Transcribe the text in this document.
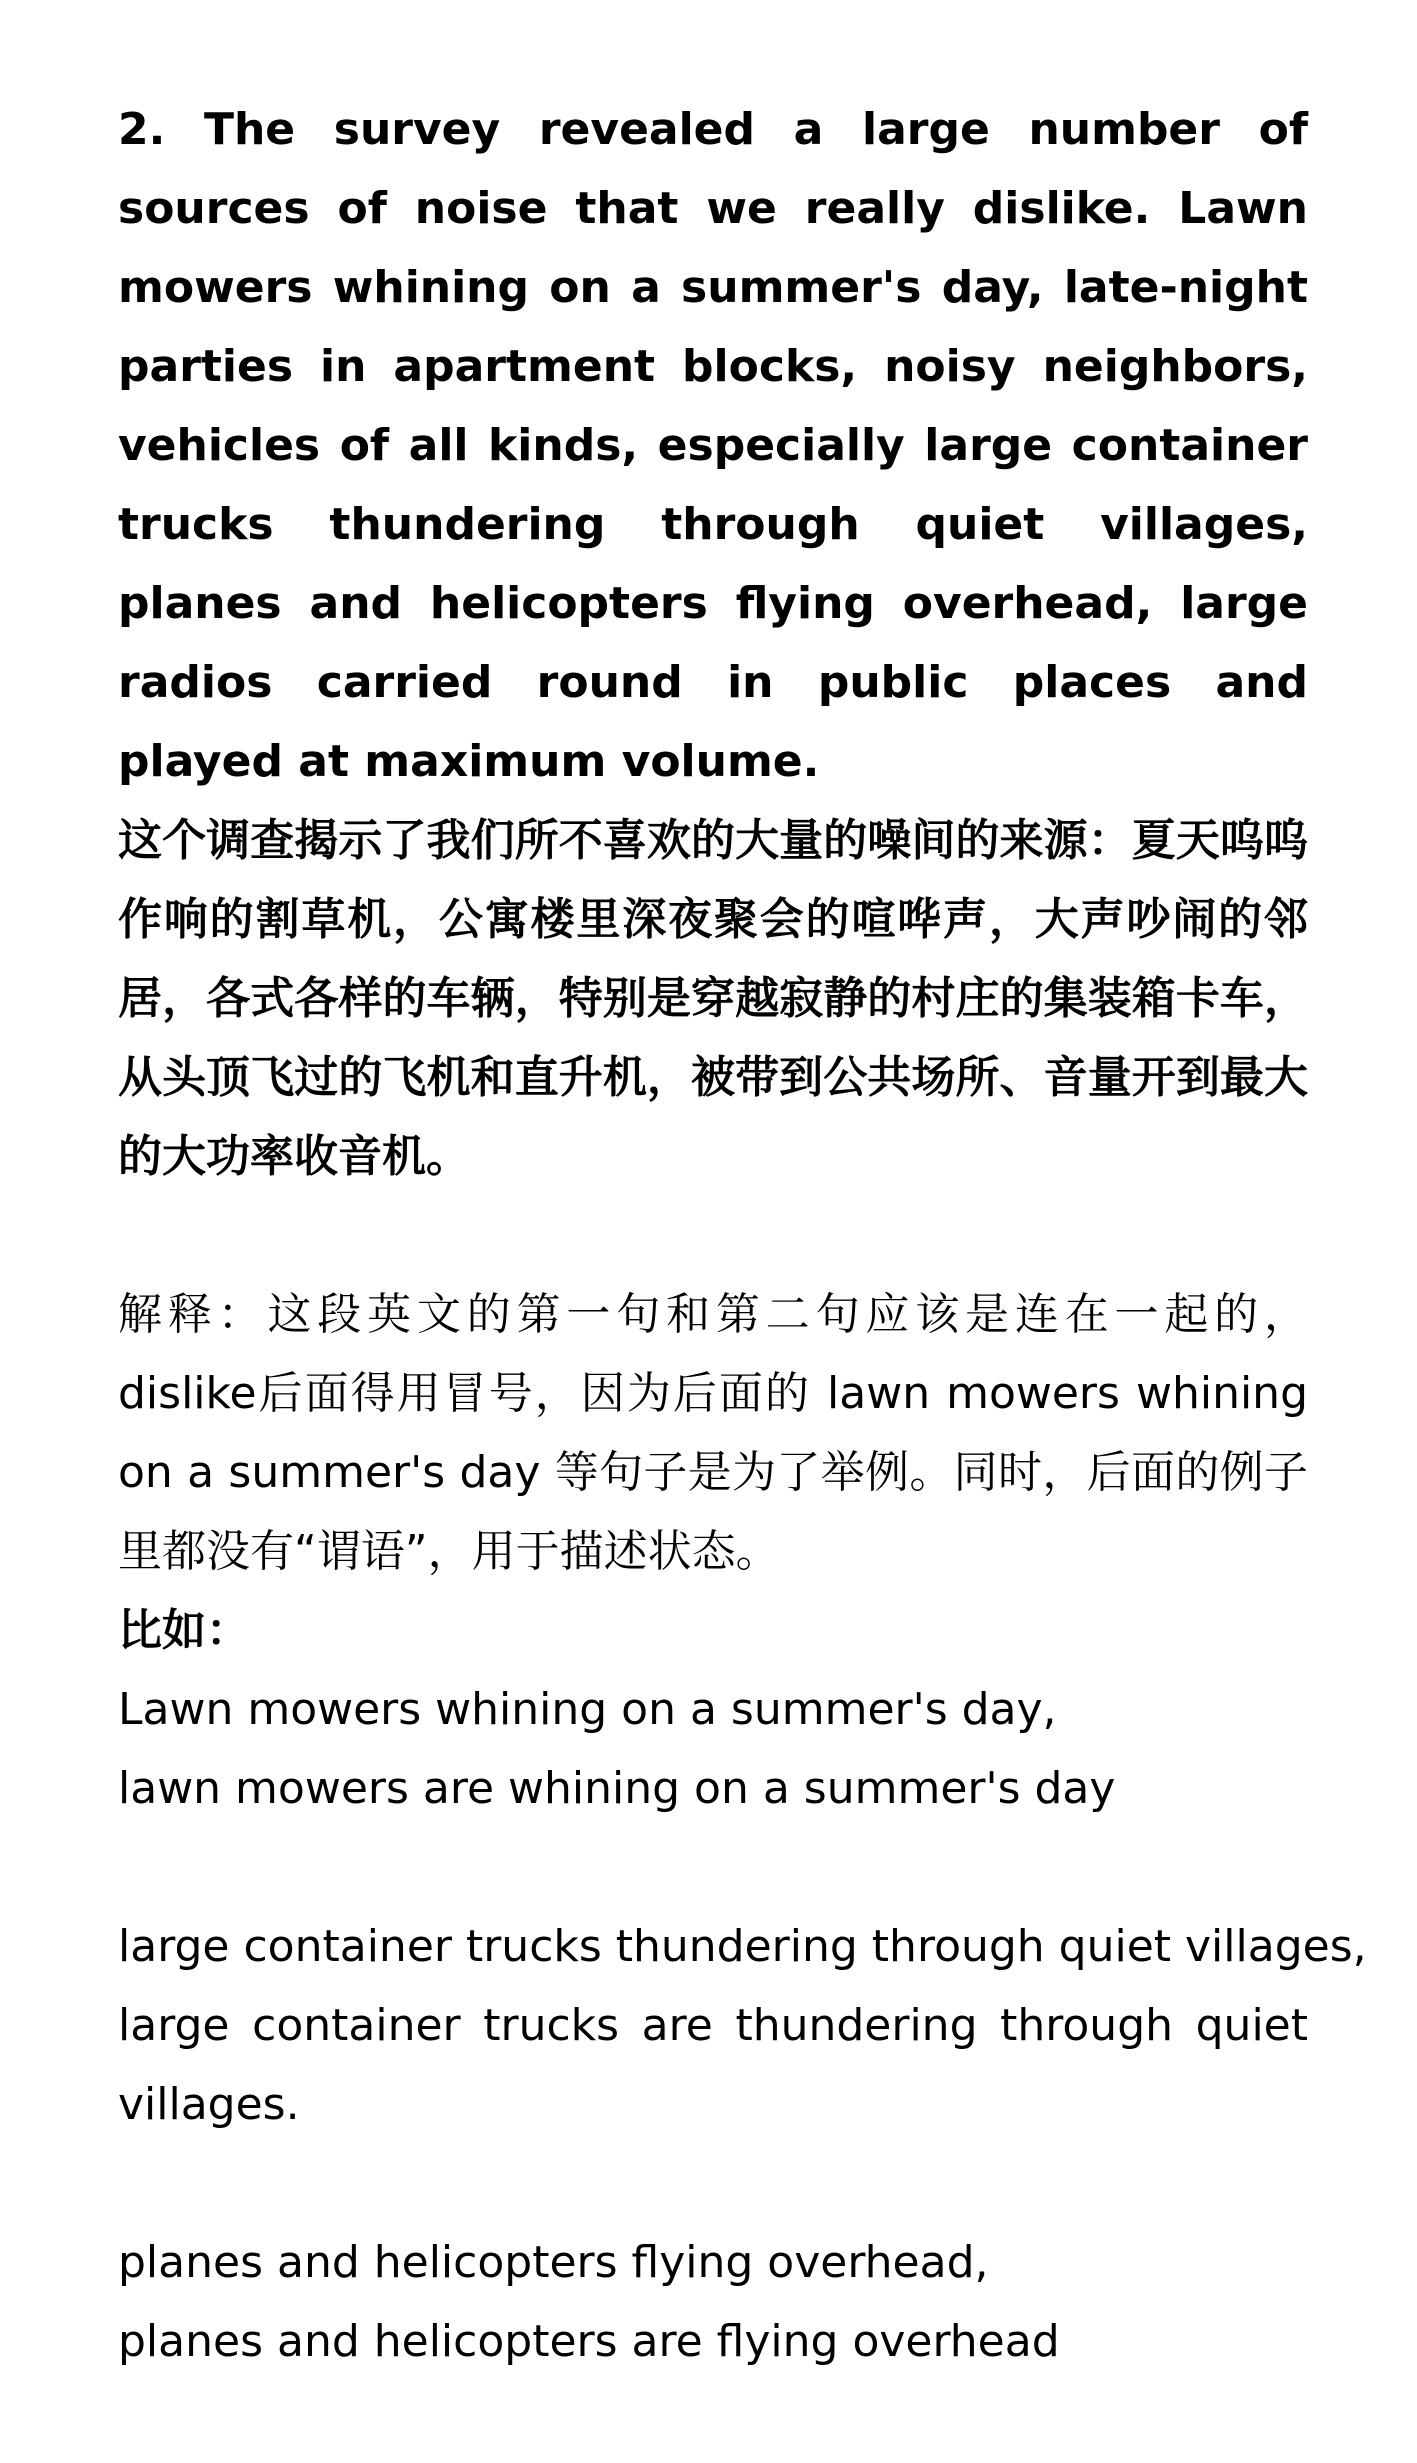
2. The survey revealed a large number of sources of noise that we really dislike. Lawn mowers whining on a summer's day, late-night parties in apartment blocks, noisy neighbors, vehicles of all kinds, especially large container trucks thundering through quiet villages, planes and helicopters flying overhead, large radios carried round in public places and played at maximum volume.

这个调查揭示了我们所不喜欢的大量的噪间的来源：夏天呜呜作响的割草机，公寓楼里深夜聚会的喧哗声，大声吵闹的邻居，各式各样的车辆，特别是穿越寂静的村庄的集装箱卡车，从头顶飞过的飞机和直升机，被带到公共场所、音量开到最大的大功率收音机。

解释：这段英文的第一句和第二句应该是连在一起的，dislike后面得用冒号，因为后面的 lawn mowers whining on a summer's day 等句子是为了举例。同时，后面的例子里都没有“谓语”，用于描述状态。

比如：

Lawn mowers whining on a summer's day,
lawn mowers are whining on a summer's day
large container trucks thundering through quiet villages,

large container trucks are thundering through quiet villages.

planes and helicopters flying overhead,
planes and helicopters are flying overhead
